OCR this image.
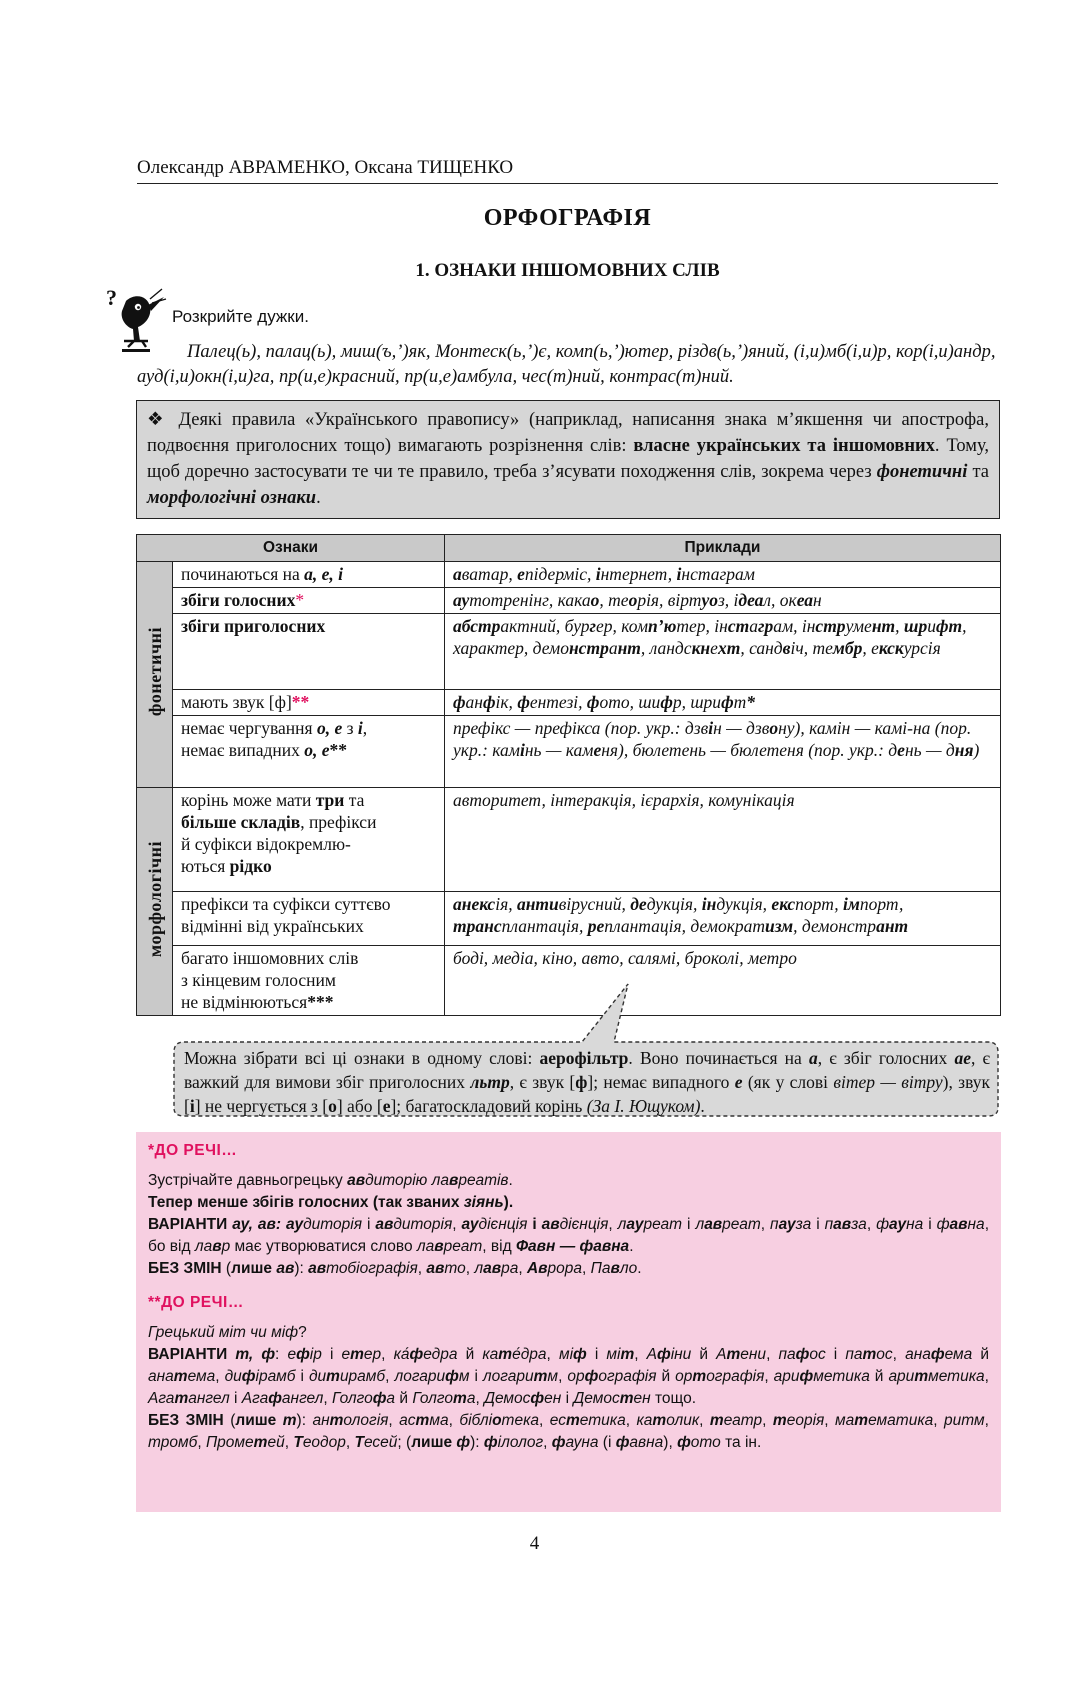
Олександр АВРАМЕНКО, Оксана ТИЩЕНКО
ОРФОГРАФІЯ
1. ОЗНАКИ ІНШОМОВНИХ СЛІВ
?
Розкрийте дужки.
Палец(ь), палац(ь), миш(ъ,’)як, Монтеск(ь,’)є, комп(ь,’)ютер, різдв(ь,’)яний, (і,и)мб(і,и)р, кор(і,и)андр, ауд(і,и)окн(і,и)га, пр(и,е)красний, пр(и,е)амбула, чес(т)ний, контрас(т)ний.
❖ Деякі правила «Українського правопису» (наприклад, написання знака м’якшення чи апострофа, подвоєння приголосних тощо) вимагають розрізнення слів: власне українських та іншомовних. Тому, щоб доречно застосувати те чи те правило, треба з’ясувати походження слів, зокрема через фонетичні та морфологічні ознаки.
Ознаки		Приклади
фонетичні	починаються на а, е, і	аватар, епідерміс, інтернет, інстаграм
	збіги голосних*	аутотренінг, какао, теорія, віртуоз, ідеал, океан
	збіги приголосних	абстрактний, бургер, комп’ютер, інстаграм, інструмент, шрифт, характер, демонстрант, ландскнехт, сандвіч, тембр, екскурсія
	мають звук [ф]**	фанфік, фентезі, фото, шифр, шрифт*
	немає чергування о, е з і,
немає випадних о, е**	префікс — префікса (пор. укр.: дзвін — дзвону), камін — камі-на (пор. укр.: камінь — каменя), бюлетень — бюлетеня (пор. укр.: день — дня)
морфологічні	корінь може мати три та
більше складів, префікси
й суфікси відокремлю-
ються рідко	авторитет, інтеракція, ієрархія, комунікація
	префікси та суфікси суттєво
відмінні від українських	анексія, антивірусний, дедукція, індукція, експорт, імпорт, трансплантація, реплантація, демократизм, демонстрант
	багато іншомовних слів
з кінцевим голосним
не відмінюються***	боді, медіа, кіно, авто, салямі, броколі, метро
Можна зібрати всі ці ознаки в одному слові: аерофільтр. Воно починається на а, є збіг голосних ае, є важкий для вимови збіг приголосних льтр, є звук [ф]; немає випадного е (як у слові вітер — вітру), звук [і] не чергується з [о] або [е]; багатоскладовий корінь (За І. Ющуком).
*ДО РЕЧІ…

Зустрічайте давньогрецьку авдиторію лавреатів.

Тепер менше збігів голосних (так званих зіянь).

ВАРІАНТИ ау, ав: аудиторія і авдиторія, аудієнція і авдієнція, лауреат і лавреат, пауза і павза, фауна і фавна, бо від лавр має утворюватися слово лавреат, від Фавн — фавна.

БЕЗ ЗМІН (лише ав): автобіографія, авто, лавра, Аврора, Павло.

**ДО РЕЧІ…

Грецький міт чи міф?

ВАРІАНТИ т, ф: ефір і етер, ка́федра й кате́дра, міф і міт, Афіни й Атени, пафос і патос, анафема й анатема, дифірамб і дитирамб, логарифм і логаритм, орфографія й ортографія, арифметика й аритметика, Агатангел і Агафангел, Голгофа й Голгота, Демосфен і Демостен тощо.

БЕЗ ЗМІН (лише т): антологія, астма, бібліотека, естетика, католик, театр, теорія, математика, ритм, тромб, Прометей, Теодор, Тесей; (лише ф): філолог, фауна (і фавна), фото та ін.

4
